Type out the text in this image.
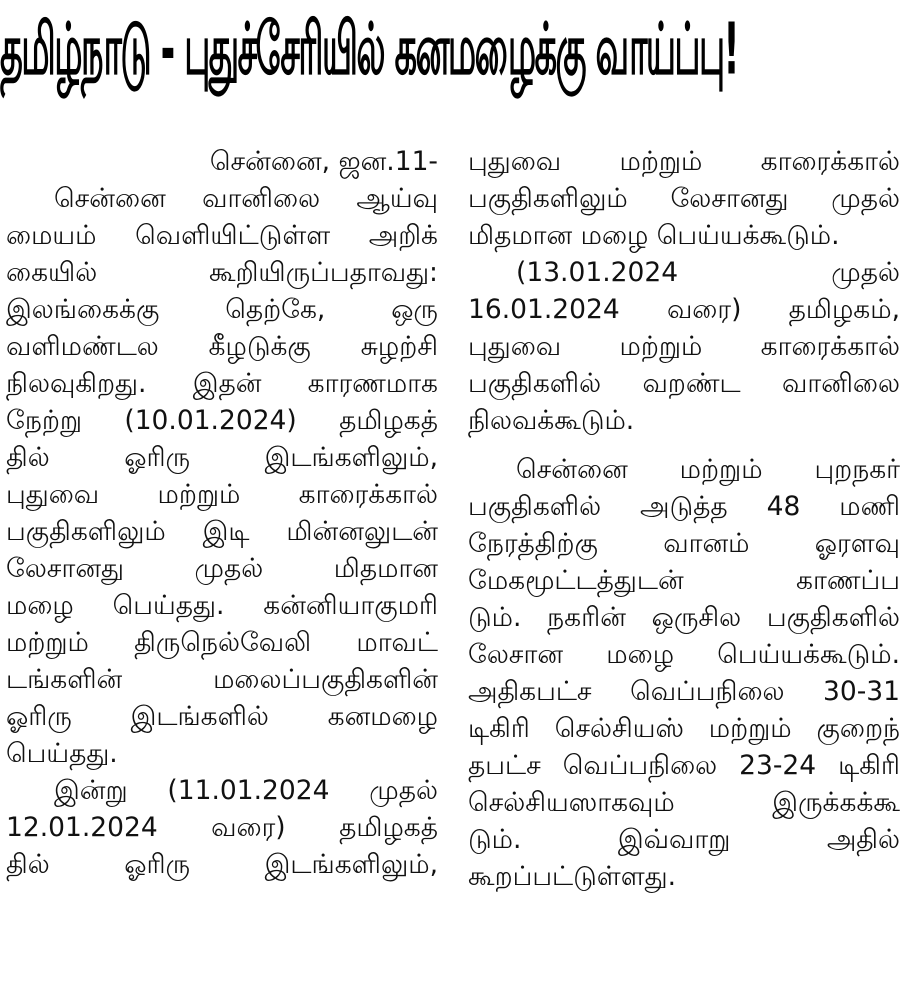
தமிழ்நாடு - புதுச்சேரியில் கனமழைக்கு வாய்ப்பு!
சென்னை, ஜன.11-
சென்னை வானிலை ஆய்வு
மையம் வெளியிட்டுள்ள அறிக்
கையில் கூறியிருப்பதாவது:
இலங்கைக்கு தெற்கே, ஒரு
வளிமண்டல கீழடுக்கு சுழற்சி
நிலவுகிறது. இதன் காரணமாக
நேற்று (10.01.2024) தமிழகத்
தில் ஓரிரு இடங்களிலும்,
புதுவை மற்றும் காரைக்கால்
பகுதிகளிலும் இடி மின்னலுடன்
லேசானது முதல் மிதமான
மழை பெய்தது. கன்னியாகுமரி
மற்றும் திருநெல்வேலி மாவட்
டங்களின் மலைப்பகுதிகளின்
ஓரிரு இடங்களில் கனமழை
பெய்தது.
இன்று (11.01.2024 முதல்
12.01.2024 வரை) தமிழகத்
தில் ஓரிரு இடங்களிலும்,
புதுவை மற்றும் காரைக்கால்
பகுதிகளிலும் லேசானது முதல்
மிதமான மழை பெய்யக்கூடும்.
(13.01.2024 முதல்
16.01.2024 வரை) தமிழகம்,
புதுவை மற்றும் காரைக்கால்
பகுதிகளில் வறண்ட வானிலை
நிலவக்கூடும்.
சென்னை மற்றும் புறநகர்
பகுதிகளில் அடுத்த 48 மணி
நேரத்திற்கு வானம் ஓரளவு
மேகமூட்டத்துடன் காணப்ப
டும். நகரின் ஒருசில பகுதிகளில்
லேசான மழை பெய்யக்கூடும்.
அதிகபட்ச வெப்பநிலை 30-31
டிகிரி செல்சியஸ் மற்றும் குறைந்
தபட்ச வெப்பநிலை 23-24 டிகிரி
செல்சியஸாகவும் இருக்கக்கூ
டும். இவ்வாறு அதில்
கூறப்பட்டுள்ளது.
